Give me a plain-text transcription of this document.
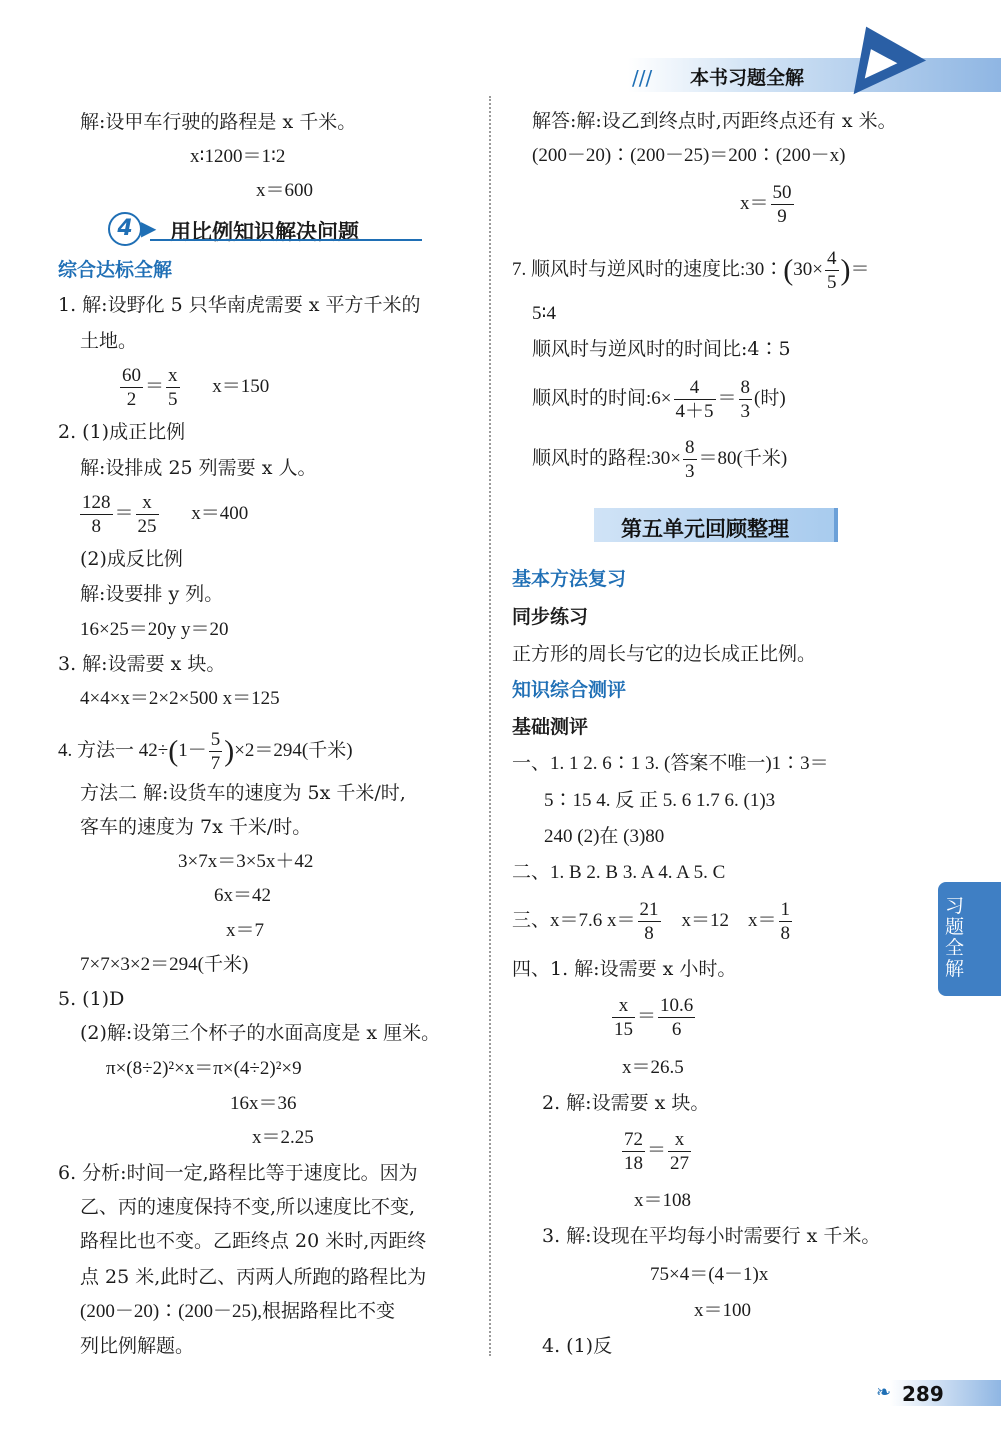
/// 本书习题全解
解:设甲车行驶的路程是 x 千米。
x∶1200＝1∶2
x＝600
4 ▶ 用比例知识解决问题
综合达标全解
1. 解:设野化 5 只华南虎需要 x 平方千米的
土地。
$\frac{60}{2} = \frac{x}{5} x=150$
2. (1)成正比例
解:设排成 25 列需要 x 人。
$\frac{128}{8} = \frac{x}{25} x=400$
(2)成反比例
解:设要排 y 列。
16×25＝20y y＝20
3. 解:设需要 x 块。
4×4×x＝2×2×500 x＝125
4. 方法一 $42\div(1- \frac{5}{7} )\times 2=294$(千米)
方法二 解:设货车的速度为 5x 千米/时,
客车的速度为 7x 千米/时。
3×7x＝3×5x＋42
6x＝42
x＝7
7×7×3×2＝294(千米)
5. (1)D
(2)解:设第三个杯子的水面高度是 x 厘米。
π×(8÷2)²×x＝π×(4÷2)²×9
16x＝36
x＝2.25
6. 分析:时间一定,路程比等于速度比。因为
乙、丙的速度保持不变,所以速度比不变,
路程比也不变。乙距终点 20 米时,丙距终
点 25 米,此时乙、丙两人所跑的路程比为
(200－20)∶(200－25),根据路程比不变
列比例解题。
解答:解:设乙到终点时,丙距终点还有 x 米。
(200－20)∶(200－25)＝200∶(200－x)
$x= \frac{50}{9}$
7. 顺风时与逆风时的速度比:30∶(30× $\frac{4}{5}$ )＝
5∶4
顺风时与逆风时的时间比:4∶5
顺风时的时间:6× $\frac{4}{4+5} = \frac{8}{3}$ (时)
顺风时的路程:30× $\frac{8}{3} =80$(千米)
第五单元回顾整理
基本方法复习
同步练习
正方形的周长与它的边长成正比例。
知识综合测评
基础测评
一、1. 1 2. 6∶1 3. (答案不唯一)1∶3＝
5∶15 4. 反 正 5. 6 1.7 6. (1)3
240 (2)在 (3)80
二、1. B 2. B 3. A 4. A 5. C
三、x＝7.6 $x= \frac{21}{8} x=12$    $x= \frac{1}{8}$
四、1. 解:设需要 x 小时。
$\frac{x}{15} = \frac{10.6}{6}$
x＝26.5
2. 解:设需要 x 块。
$\frac{72}{18} = \frac{x}{27}$
x＝108
3. 解:设现在平均每小时需要行 x 千米。
75×4＝(4－1)x
x＝100
4. (1)反
习题全解
❧ 289
